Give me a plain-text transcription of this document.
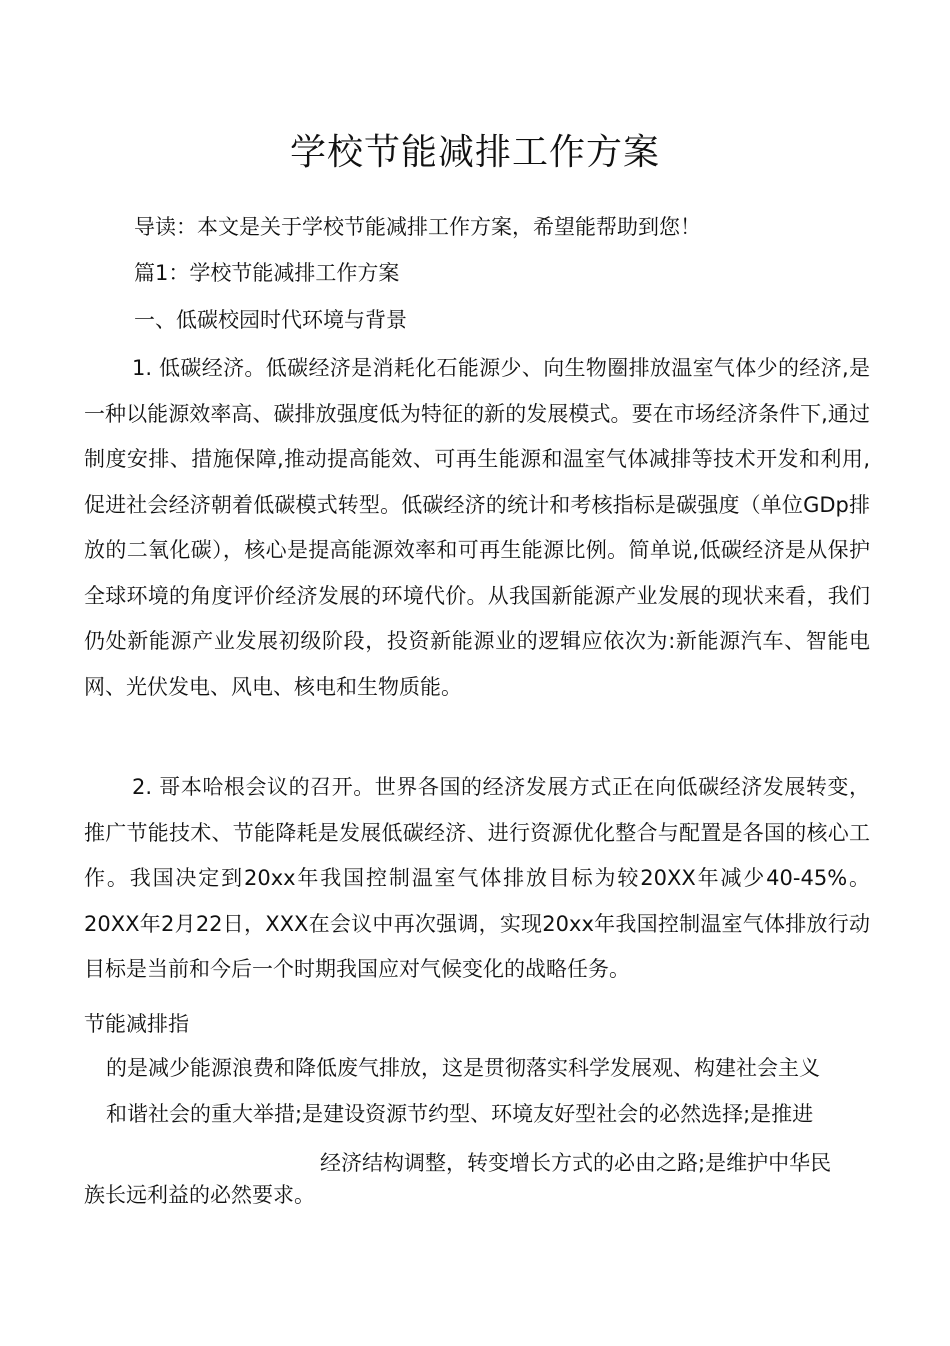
学校节能减排工作方案

导读：本文是关于学校节能减排工作方案，希望能帮助到您！

篇1：学校节能减排工作方案

一、低碳校园时代环境与背景

1. 低碳经济。低碳经济是消耗化石能源少、向生物圈排放温室气体少的经济,是一种以能源效率高、碳排放强度低为特征的新的发展模式。要在市场经济条件下,通过制度安排、措施保障,推动提高能效、可再生能源和温室气体减排等技术开发和利用,促进社会经济朝着低碳模式转型。低碳经济的统计和考核指标是碳强度（单位GDp排放的二氧化碳），核心是提高能源效率和可再生能源比例。简单说,低碳经济是从保护全球环境的角度评价经济发展的环境代价。从我国新能源产业发展的现状来看，我们仍处新能源产业发展初级阶段，投资新能源业的逻辑应依次为:新能源汽车、智能电网、光伏发电、风电、核电和生物质能。

2. 哥本哈根会议的召开。世界各国的经济发展方式正在向低碳经济发展转变，推广节能技术、节能降耗是发展低碳经济、进行资源优化整合与配置是各国的核心工作。我国决定到20xx年我国控制温室气体排放目标为较20XX年减少40-45%。20XX年2月22日，XXX在会议中再次强调，实现20xx年我国控制温室气体排放行动目标是当前和今后一个时期我国应对气候变化的战略任务。

节能减排指

的是减少能源浪费和降低废气排放，这是贯彻落实科学发展观、构建社会主义

和谐社会的重大举措;是建设资源节约型、环境友好型社会的必然选择;是推进

经济结构调整，转变增长方式的必由之路;是维护中华民

族长远利益的必然要求。
